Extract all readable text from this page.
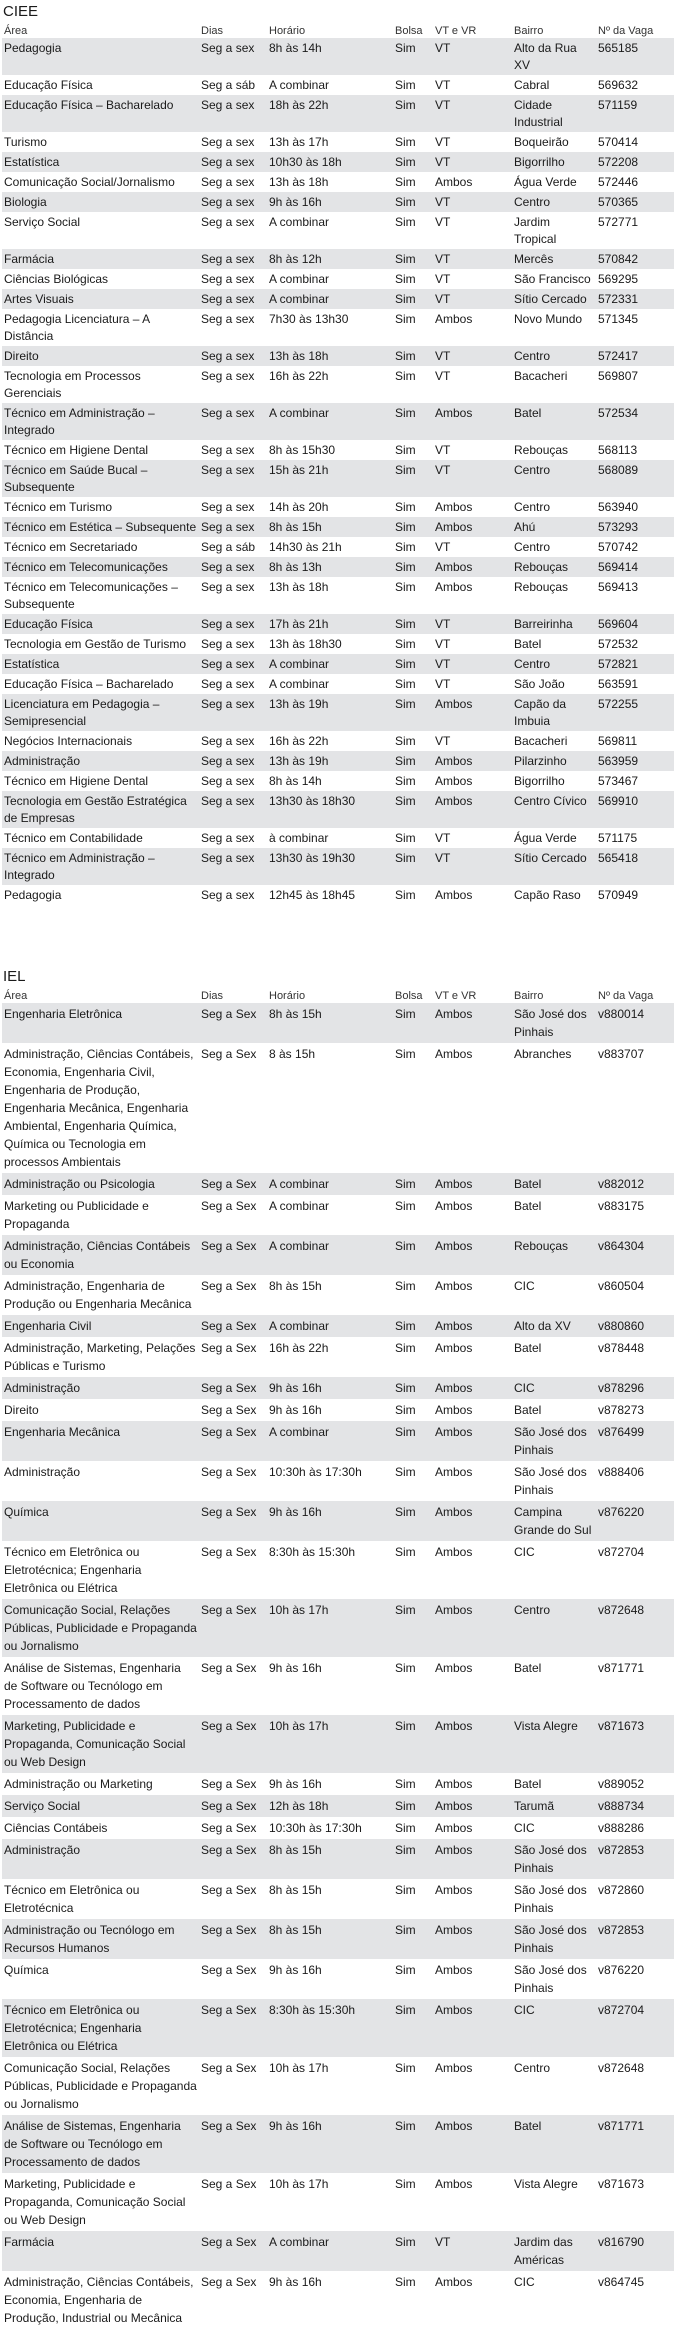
CIEE
Área	Dias	Horário	Bolsa	VT e VR	Bairro	Nº da Vaga
Pedagogia	Seg a sex	8h às 14h	Sim	VT	Alto da Rua XV	565185
Educação Física	Seg a sáb	A combinar	Sim	VT	Cabral	569632
Educação Física – Bacharelado	Seg a sex	18h às 22h	Sim	VT	Cidade Industrial	571159
Turismo	Seg a sex	13h às 17h	Sim	VT	Boqueirão	570414
Estatística	Seg a sex	10h30 às 18h	Sim	VT	Bigorrilho	572208
Comunicação Social/Jornalismo	Seg a sex	13h às 18h	Sim	Ambos	Água Verde	572446
Biologia	Seg a sex	9h às 16h	Sim	VT	Centro	570365
Serviço Social	Seg a sex	A combinar	Sim	VT	Jardim Tropical	572771
Farmácia	Seg a sex	8h às 12h	Sim	VT	Mercês	570842
Ciências Biológicas	Seg a sex	A combinar	Sim	VT	São Francisco	569295
Artes Visuais	Seg a sex	A combinar	Sim	VT	Sítio Cercado	572331
Pedagogia Licenciatura – A Distância	Seg a sex	7h30 às 13h30	Sim	Ambos	Novo Mundo	571345
Direito	Seg a sex	13h às 18h	Sim	VT	Centro	572417
Tecnologia em Processos Gerenciais	Seg a sex	16h às 22h	Sim	VT	Bacacheri	569807
Técnico em Administração – Integrado	Seg a sex	A combinar	Sim	Ambos	Batel	572534
Técnico em Higiene Dental	Seg a sex	8h às 15h30	Sim	VT	Rebouças	568113
Técnico em Saúde Bucal – Subsequente	Seg a sex	15h às 21h	Sim	VT	Centro	568089
Técnico em Turismo	Seg a sex	14h às 20h	Sim	Ambos	Centro	563940
Técnico em Estética – Subsequente	Seg a sex	8h às 15h	Sim	Ambos	Ahú	573293
Técnico em Secretariado	Seg a sáb	14h30 às 21h	Sim	VT	Centro	570742
Técnico em Telecomunicações	Seg a sex	8h às 13h	Sim	Ambos	Rebouças	569414
Técnico em Telecomunicações – Subsequente	Seg a sex	13h às 18h	Sim	Ambos	Rebouças	569413
Educação Física	Seg a sex	17h às 21h	Sim	VT	Barreirinha	569604
Tecnologia em Gestão de Turismo	Seg a sex	13h às 18h30	Sim	VT	Batel	572532
Estatística	Seg a sex	A combinar	Sim	VT	Centro	572821
Educação Física – Bacharelado	Seg a sex	A combinar	Sim	VT	São João	563591
Licenciatura em Pedagogia – Semipresencial	Seg a sex	13h às 19h	Sim	Ambos	Capão da Imbuia	572255
Negócios Internacionais	Seg a sex	16h às 22h	Sim	VT	Bacacheri	569811
Administração	Seg a sex	13h às 19h	Sim	Ambos	Pilarzinho	563959
Técnico em Higiene Dental	Seg a sex	8h às 14h	Sim	Ambos	Bigorrilho	573467
Tecnologia em Gestão Estratégica de Empresas	Seg a sex	13h30 às 18h30	Sim	Ambos	Centro Cívico	569910
Técnico em Contabilidade	Seg a sex	à combinar	Sim	VT	Água Verde	571175
Técnico em Administração – Integrado	Seg a sex	13h30 às 19h30	Sim	VT	Sítio Cercado	565418
Pedagogia	Seg a sex	12h45 às 18h45	Sim	Ambos	Capão Raso	570949
IEL
Área	Dias	Horário	Bolsa	VT e VR	Bairro	Nº da Vaga
Engenharia Eletrônica	Seg a Sex	8h às 15h	Sim	Ambos	São José dos Pinhais	v880014
Administração, Ciências Contábeis, Economia, Engenharia Civil, Engenharia de Produção, Engenharia Mecânica, Engenharia Ambiental, Engenharia Química, Química ou Tecnologia em processos Ambientais	Seg a Sex	8 às 15h	Sim	Ambos	Abranches	v883707
Administração ou Psicologia	Seg a Sex	A combinar	Sim	Ambos	Batel	v882012
Marketing ou Publicidade e Propaganda	Seg a Sex	A combinar	Sim	Ambos	Batel	v883175
Administração, Ciências Contábeis ou Economia	Seg a Sex	A combinar	Sim	Ambos	Rebouças	v864304
Administração, Engenharia de Produção ou Engenharia Mecânica	Seg a Sex	8h às 15h	Sim	Ambos	CIC	v860504
Engenharia Civil	Seg a Sex	A combinar	Sim	Ambos	Alto da XV	v880860
Administração, Marketing, Pelações Públicas e Turismo	Seg a Sex	16h às 22h	Sim	Ambos	Batel	v878448
Administração	Seg a Sex	9h às 16h	Sim	Ambos	CIC	v878296
Direito	Seg a Sex	9h às 16h	Sim	Ambos	Batel	v878273
Engenharia Mecânica	Seg a Sex	A combinar	Sim	Ambos	São José dos Pinhais	v876499
Administração	Seg a Sex	10:30h às 17:30h	Sim	Ambos	São José dos Pinhais	v888406
Química	Seg a Sex	9h às 16h	Sim	Ambos	Campina Grande do Sul	v876220
Técnico em Eletrônica ou Eletrotécnica; Engenharia Eletrônica ou Elétrica	Seg a Sex	8:30h às 15:30h	Sim	Ambos	CIC	v872704
Comunicação Social, Relações Públicas, Publicidade e Propaganda ou Jornalismo	Seg a Sex	10h às 17h	Sim	Ambos	Centro	v872648
Análise de Sistemas, Engenharia de Software ou Tecnólogo em Processamento de dados	Seg a Sex	9h às 16h	Sim	Ambos	Batel	v871771
Marketing, Publicidade e Propaganda, Comunicação Social ou Web Design	Seg a Sex	10h às 17h	Sim	Ambos	Vista Alegre	v871673
Administração ou Marketing	Seg a Sex	9h às 16h	Sim	Ambos	Batel	v889052
Serviço Social	Seg a Sex	12h às 18h	Sim	Ambos	Tarumã	v888734
Ciências Contábeis	Seg a Sex	10:30h às 17:30h	Sim	Ambos	CIC	v888286
Administração	Seg a Sex	8h às 15h	Sim	Ambos	São José dos Pinhais	v872853
Técnico em Eletrônica ou Eletrotécnica	Seg a Sex	8h às 15h	Sim	Ambos	São José dos Pinhais	v872860
Administração ou Tecnólogo em Recursos Humanos	Seg a Sex	8h às 15h	Sim	Ambos	São José dos Pinhais	v872853
Química	Seg a Sex	9h às 16h	Sim	Ambos	São José dos Pinhais	v876220
Técnico em Eletrônica ou Eletrotécnica; Engenharia Eletrônica ou Elétrica	Seg a Sex	8:30h às 15:30h	Sim	Ambos	CIC	v872704
Comunicação Social, Relações Públicas, Publicidade e Propaganda ou Jornalismo	Seg a Sex	10h às 17h	Sim	Ambos	Centro	v872648
Análise de Sistemas, Engenharia de Software ou Tecnólogo em Processamento de dados	Seg a Sex	9h às 16h	Sim	Ambos	Batel	v871771
Marketing, Publicidade e Propaganda, Comunicação Social ou Web Design	Seg a Sex	10h às 17h	Sim	Ambos	Vista Alegre	v871673
Farmácia	Seg a Sex	A combinar	Sim	VT	Jardim das Américas	v816790
Administração, Ciências Contábeis, Economia, Engenharia de Produção, Industrial ou Mecânica	Seg a Sex	9h às 16h	Sim	Ambos	CIC	v864745
